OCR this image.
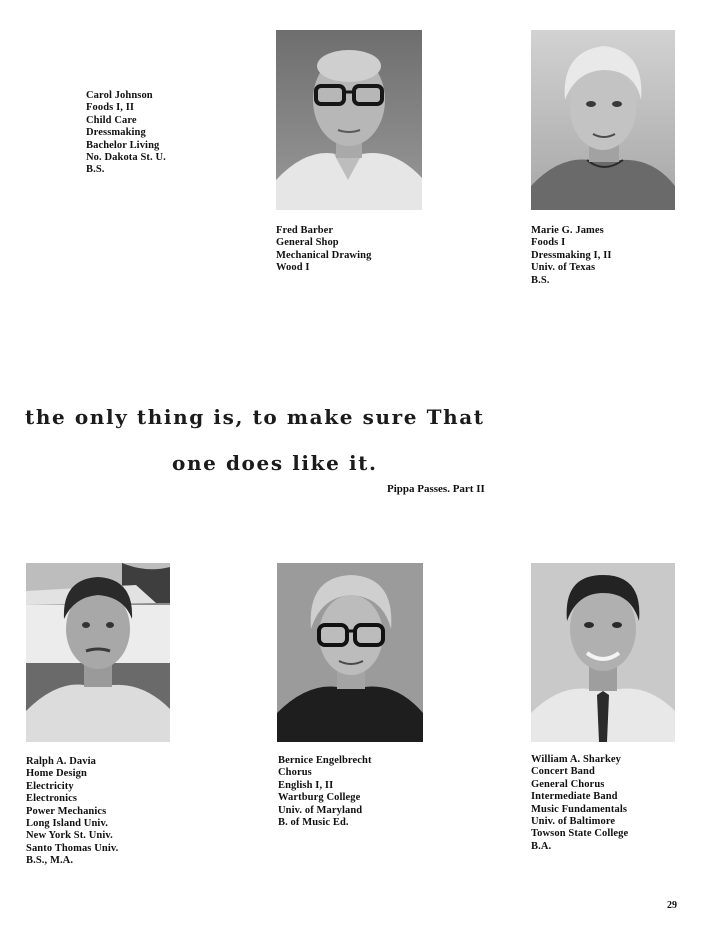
Carol Johnson
Foods I, II
Child Care
Dressmaking
Bachelor Living
No. Dakota St. U.
B.S.
Fred Barber
General Shop
Mechanical Drawing
Wood I
Marie G. James
Foods I
Dressmaking I, II
Univ. of Texas
B.S.
the only thing is, to make sure That
one does like it.
Pippa Passes. Part II
Ralph A. Davia
Home Design
Electricity
Electronics
Power Mechanics
Long Island Univ.
New York St. Univ.
Santo Thomas Univ.
B.S., M.A.
Bernice Engelbrecht
Chorus
English I, II
Wartburg College
Univ. of Maryland
B. of Music Ed.
William A. Sharkey
Concert Band
General Chorus
Intermediate Band
Music Fundamentals
Univ. of Baltimore
Towson State College
B.A.
29
